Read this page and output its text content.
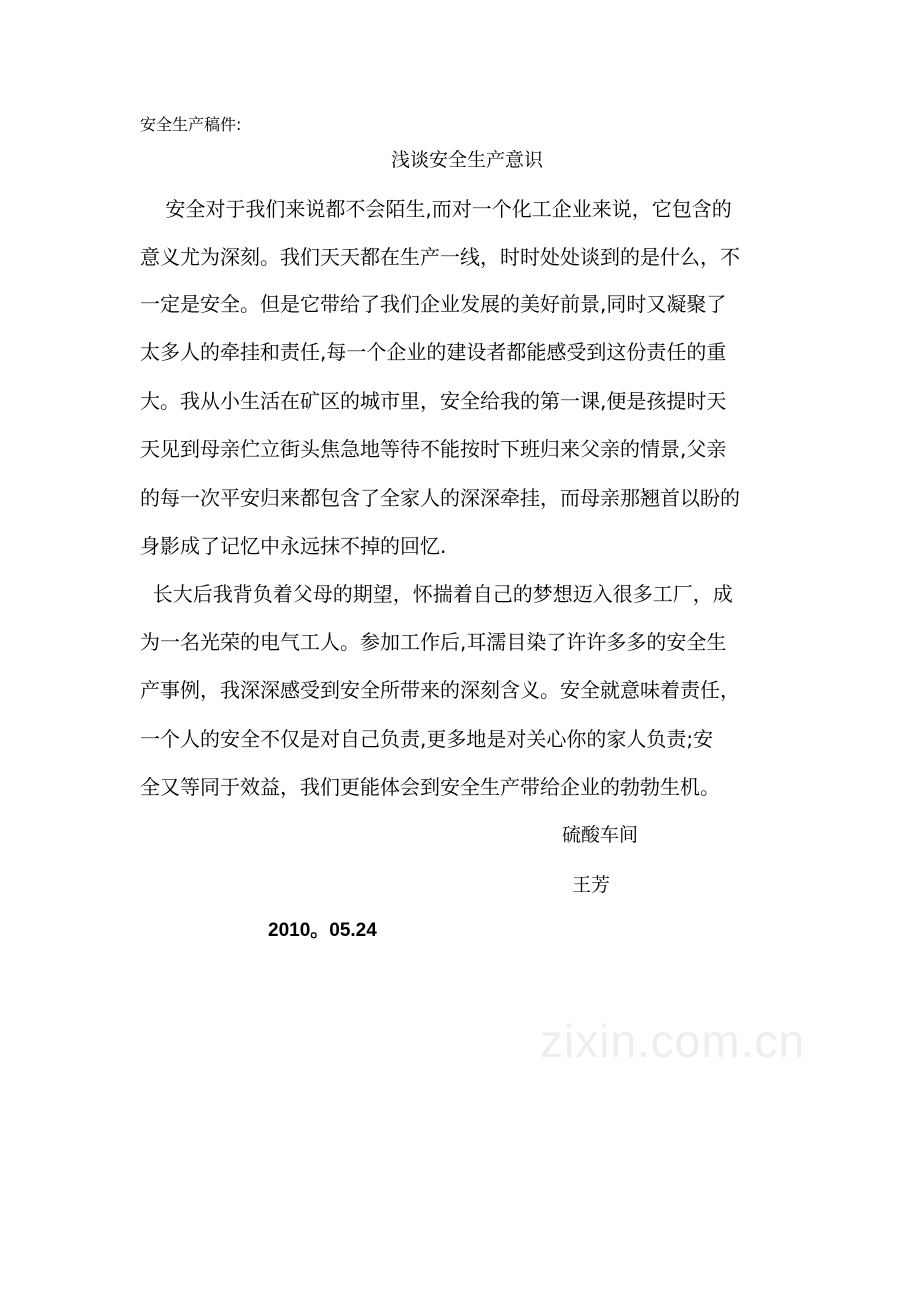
安全生产稿件:
浅谈安全生产意识
安全对于我们来说都不会陌生,而对一个化工企业来说，它包含的
意义尤为深刻。我们天天都在生产一线，时时处处谈到的是什么，不
一定是安全。但是它带给了我们企业发展的美好前景,同时又凝聚了
太多人的牵挂和责任,每一个企业的建设者都能感受到这份责任的重
大。我从小生活在矿区的城市里，安全给我的第一课,便是孩提时天
天见到母亲伫立街头焦急地等待不能按时下班归来父亲的情景,父亲
的每一次平安归来都包含了全家人的深深牵挂，而母亲那翘首以盼的
身影成了记忆中永远抹不掉的回忆.
长大后我背负着父母的期望，怀揣着自己的梦想迈入很多工厂，成
为一名光荣的电气工人。参加工作后,耳濡目染了许许多多的安全生
产事例，我深深感受到安全所带来的深刻含义。安全就意味着责任，
一个人的安全不仅是对自己负责,更多地是对关心你的家人负责;安
全又等同于效益，我们更能体会到安全生产带给企业的勃勃生机。
硫酸车间
王芳
2010。05.24
zixin.com.cn
